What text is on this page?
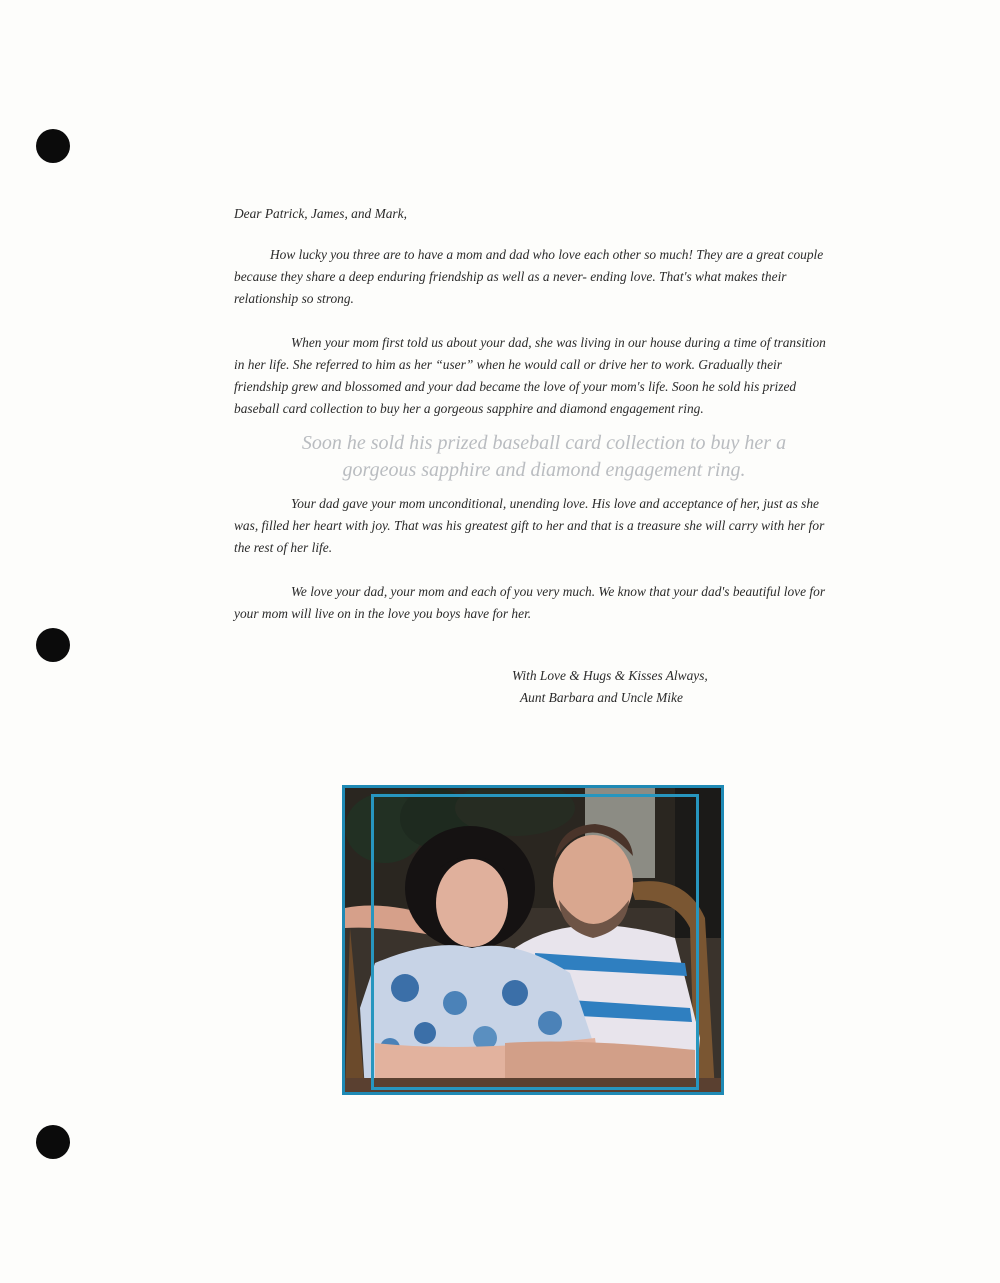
Dear Patrick, James, and Mark,

How lucky you three are to have a mom and dad who love each other so much! They are a great couple because they share a deep enduring friendship as well as a never- ending love. That's what makes their relationship so strong.

When your mom first told us about your dad, she was living in our house during a time of transition in her life. She referred to him as her “user” when he would call or drive her to work. Gradually their friendship grew and blossomed and your dad became the love of your mom's life. Soon he sold his prized baseball card collection to buy her a gorgeous sapphire and diamond engagement ring.

Soon he sold his prized baseball card collection to buy her a gorgeous sapphire and diamond engagement ring.

Your dad gave your mom unconditional, unending love. His love and acceptance of her, just as she was, filled her heart with joy. That was his greatest gift to her and that is a treasure she will carry with her for the rest of her life.

We love your dad, your mom and each of you very much. We know that your dad's beautiful love for your mom will live on in the love you boys have for her.

With Love & Hugs & Kisses Always,
Aunt Barbara and Uncle Mike
